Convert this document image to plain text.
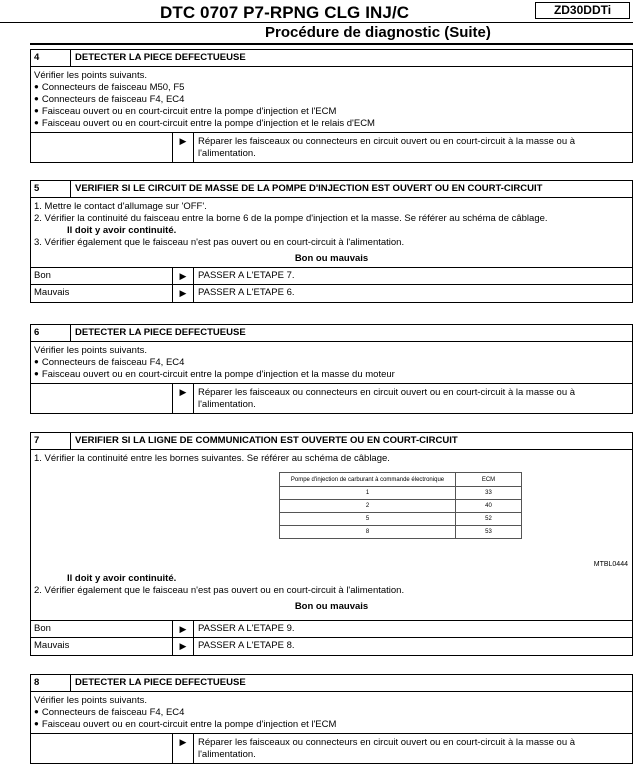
DTC 0707 P7-RPNG CLG INJ/C	ZD30DDTi
Procédure de diagnostic (Suite)
4	DETECTER LA PIECE DEFECTUEUSE
Vérifier les points suivants.
● Connecteurs de faisceau M50, F5
● Connecteurs de faisceau F4, EC4
● Faisceau ouvert ou en court-circuit entre la pompe d'injection et l'ECM
● Faisceau ouvert ou en court-circuit entre la pompe d'injection et le relais d'ECM
▶	Réparer les faisceaux ou connecteurs en circuit ouvert ou en court-circuit à la masse ou à l'alimentation.
5	VERIFIER SI LE CIRCUIT DE MASSE DE LA POMPE D'INJECTION EST OUVERT OU EN COURT-CIRCUIT
1. Mettre le contact d'allumage sur 'OFF'.
2. Vérifier la continuité du faisceau entre la borne 6 de la pompe d'injection et la masse. Se référer au schéma de câblage.
Il doit y avoir continuité.
3. Vérifier également que le faisceau n'est pas ouvert ou en court-circuit à l'alimentation.
Bon ou mauvais
Bon	▶	PASSER A L'ETAPE 7.
Mauvais	▶	PASSER A L'ETAPE 6.
6	DETECTER LA PIECE DEFECTUEUSE
Vérifier les points suivants.
● Connecteurs de faisceau F4, EC4
● Faisceau ouvert ou en court-circuit entre la pompe d'injection et la masse du moteur
▶	Réparer les faisceaux ou connecteurs en circuit ouvert ou en court-circuit à la masse ou à l'alimentation.
7	VERIFIER SI LA LIGNE DE COMMUNICATION EST OUVERTE OU EN COURT-CIRCUIT
1. Vérifier la continuité entre les bornes suivantes. Se référer au schéma de câblage.
Pompe d'injection de carburant à commande électronique	ECM
1	33
2	40
5	52
8	53
MTBL0444
Il doit y avoir continuité.
2. Vérifier également que le faisceau n'est pas ouvert ou en court-circuit à l'alimentation.
Bon ou mauvais
Bon	▶	PASSER A L'ETAPE 9.
Mauvais	▶	PASSER A L'ETAPE 8.
8	DETECTER LA PIECE DEFECTUEUSE
Vérifier les points suivants.
● Connecteurs de faisceau F4, EC4
● Faisceau ouvert ou en court-circuit entre la pompe d'injection et l'ECM
▶	Réparer les faisceaux ou connecteurs en circuit ouvert ou en court-circuit à la masse ou à l'alimentation.
